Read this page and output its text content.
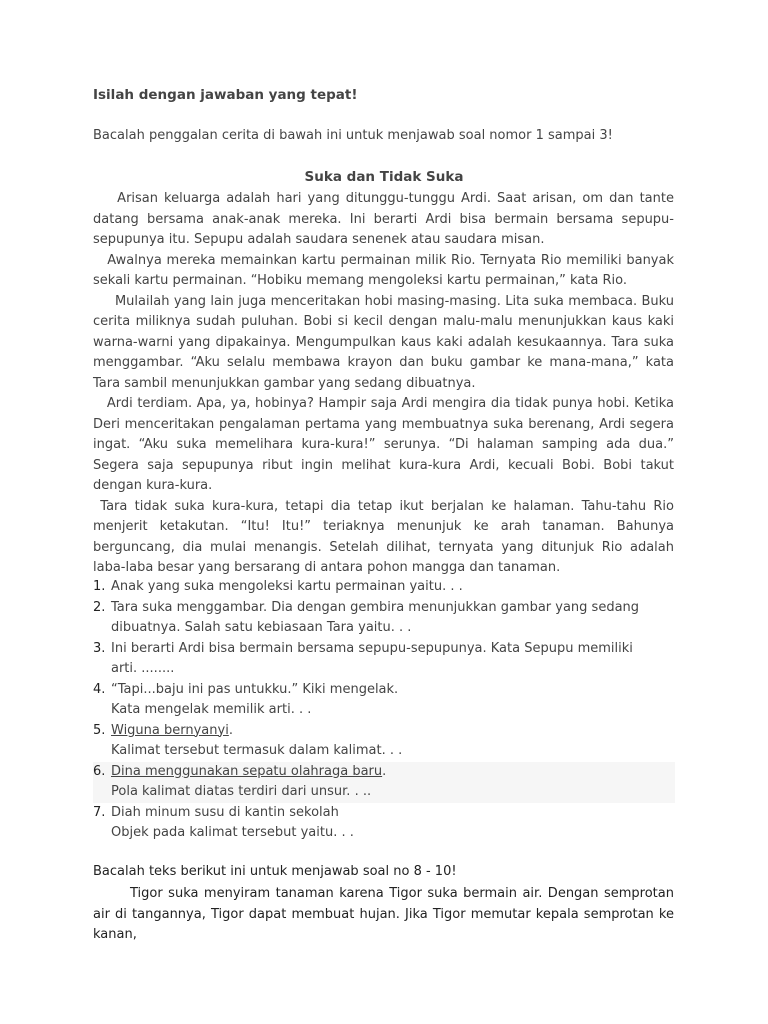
Isilah dengan jawaban yang tepat!
Bacalah penggalan cerita di bawah ini untuk menjawab soal nomor 1 sampai 3!
Suka dan Tidak Suka

Arisan keluarga adalah hari yang ditunggu-tunggu Ardi. Saat arisan, om dan tante datang bersama anak-anak mereka. Ini berarti Ardi bisa bermain bersama sepupu-sepupunya itu. Sepupu adalah saudara senenek atau saudara misan.

Awalnya mereka memainkan kartu permainan milik Rio. Ternyata Rio memiliki banyak sekali kartu permainan. “Hobiku memang mengoleksi kartu permainan,” kata Rio.

Mulailah yang lain juga menceritakan hobi masing-masing. Lita suka membaca. Buku cerita miliknya sudah puluhan. Bobi si kecil dengan malu-malu menunjukkan kaus kaki warna-warni yang dipakainya. Mengumpulkan kaus kaki adalah kesukaannya. Tara suka menggambar. “Aku selalu membawa krayon dan buku gambar ke mana-mana,” kata Tara sambil menunjukkan gambar yang sedang dibuatnya.

Ardi terdiam. Apa, ya, hobinya? Hampir saja Ardi mengira dia tidak punya hobi. Ketika Deri menceritakan pengalaman pertama yang membuatnya suka berenang, Ardi segera ingat. “Aku suka memelihara kura-kura!” serunya. “Di halaman samping ada dua.” Segera saja sepupunya ribut ingin melihat kura-kura Ardi, kecuali Bobi. Bobi takut dengan kura-kura.

Tara tidak suka kura-kura, tetapi dia tetap ikut berjalan ke halaman. Tahu-tahu Rio menjerit ketakutan. “Itu! Itu!” teriaknya menunjuk ke arah tanaman. Bahunya berguncang, dia mulai menangis. Setelah dilihat, ternyata yang ditunjuk Rio adalah laba-laba besar yang bersarang di antara pohon mangga dan tanaman.

1. Anak yang suka mengoleksi kartu permainan yaitu. . .
2. Tara suka menggambar. Dia dengan gembira menunjukkan gambar yang sedang
dibuatnya. Salah satu kebiasaan Tara yaitu. . .
3. Ini berarti Ardi bisa bermain bersama sepupu-sepupunya. Kata Sepupu memiliki
arti. ........
4. “Tapi...baju ini pas untukku.” Kiki mengelak.
Kata mengelak memilik arti. . .
5. Wiguna bernyanyi.
Kalimat tersebut termasuk dalam kalimat. . .
6. Dina menggunakan sepatu olahraga baru.
Pola kalimat diatas terdiri dari unsur. . ..
7. Diah minum susu di kantin sekolah
Objek pada kalimat tersebut yaitu. . .
Bacalah teks berikut ini untuk menjawab soal no 8 - 10!

Tigor suka menyiram tanaman karena Tigor suka bermain air. Dengan semprotan air di tangannya, Tigor dapat membuat hujan. Jika Tigor memutar kepala semprotan ke kanan,
